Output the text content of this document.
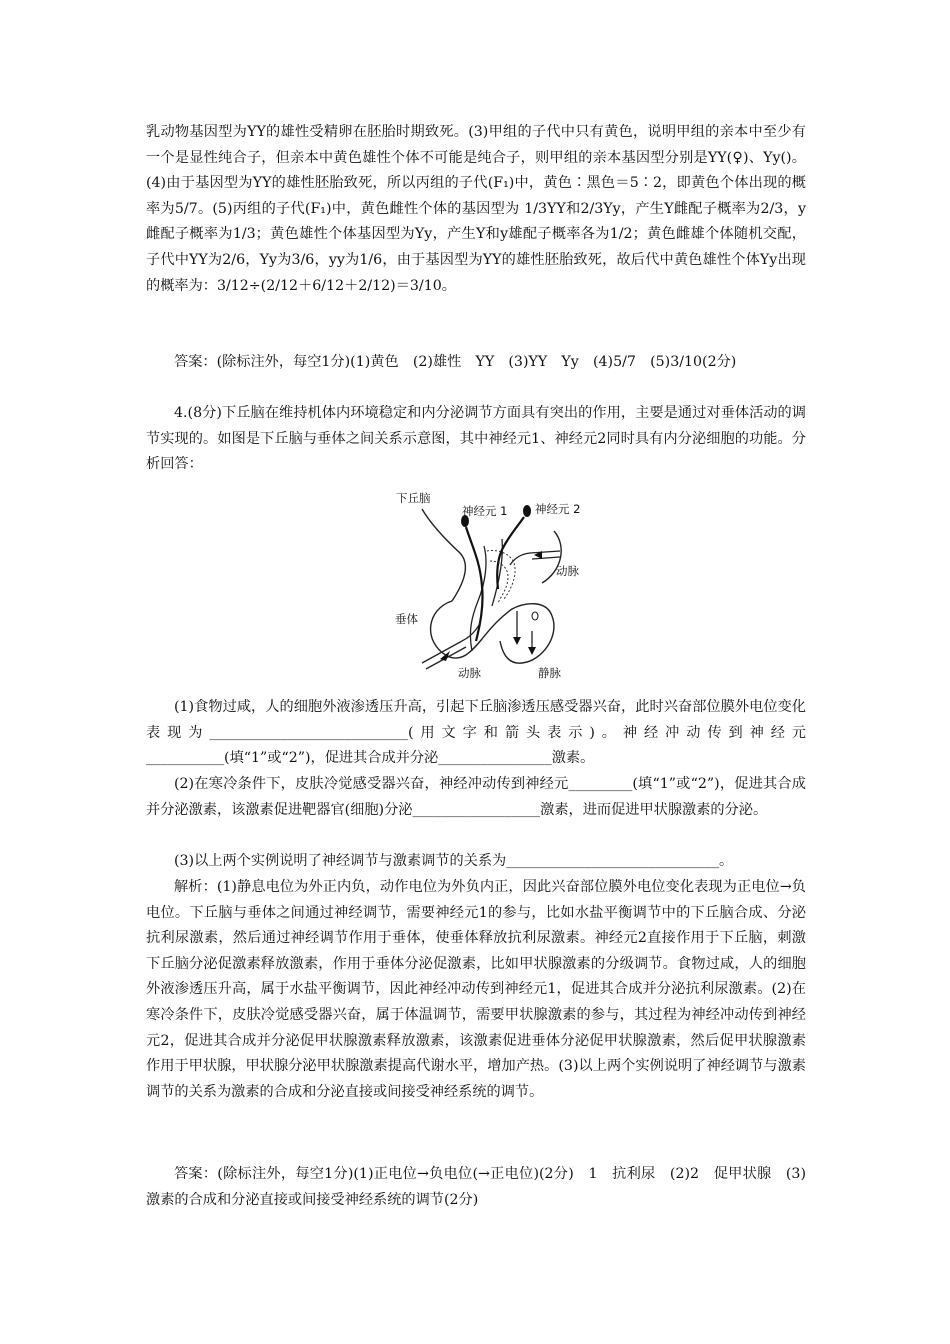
乳动物基因型为YY的雄性受精卵在胚胎时期致死。(3)甲组的子代中只有黄色，说明甲组的亲本中至少有一个是显性纯合子，但亲本中黄色雄性个体不可能是纯合子，则甲组的亲本基因型分别是YY(♀)、Yy()。(4)由于基因型为YY的雄性胚胎致死，所以丙组的子代(F₁)中，黄色∶黑色＝5∶2，即黄色个体出现的概率为5/7。(5)丙组的子代(F₁)中，黄色雌性个体的基因型为 1/3YY和2/3Yy，产生Y雌配子概率为2/3，y雌配子概率为1/3；黄色雄性个体基因型为Yy，产生Y和y雄配子概率各为1/2；黄色雌雄个体随机交配，子代中YY为2/6，Yy为3/6，yy为1/6，由于基因型为YY的雄性胚胎致死，故后代中黄色雄性个体Yy出现的概率为：3/12÷(2/12＋6/12＋2/12)＝3/10。

答案：(除标注外，每空1分)(1)黄色　(2)雄性　YY　(3)YY　Yy　(4)5/7　(5)3/10(2分)

4.(8分)下丘脑在维持机体内环境稳定和内分泌调节方面具有突出的作用，主要是通过对垂体活动的调节实现的。如图是下丘脑与垂体之间关系示意图，其中神经元1、神经元2同时具有内分泌细胞的功能。分析回答：

下丘脑
神经元 1 神经元 2
动脉
垂体
动脉	静脉

(1)食物过咸，人的细胞外液渗透压升高，引起下丘脑渗透压感受器兴奋，此时兴奋部位膜外电位变化表现为____________________________(用文字和箭头表示)。神经冲动传到神经元___________(填“1”或“2”)，促进其合成并分泌________________激素。

(2)在寒冷条件下，皮肤冷觉感受器兴奋，神经冲动传到神经元_________(填“1”或“2”)，促进其合成并分泌激素，该激素促进靶器官(细胞)分泌__________________激素，进而促进甲状腺激素的分泌。

(3)以上两个实例说明了神经调节与激素调节的关系为______________________________。

解析：(1)静息电位为外正内负，动作电位为外负内正，因此兴奋部位膜外电位变化表现为正电位→负电位。下丘脑与垂体之间通过神经调节，需要神经元1的参与，比如水盐平衡调节中的下丘脑合成、分泌抗利尿激素，然后通过神经调节作用于垂体，使垂体释放抗利尿激素。神经元2直接作用于下丘脑，刺激下丘脑分泌促激素释放激素，作用于垂体分泌促激素，比如甲状腺激素的分级调节。食物过咸，人的细胞外液渗透压升高，属于水盐平衡调节，因此神经冲动传到神经元1，促进其合成并分泌抗利尿激素。(2)在寒冷条件下，皮肤冷觉感受器兴奋，属于体温调节，需要甲状腺激素的参与，其过程为神经冲动传到神经元2，促进其合成并分泌促甲状腺激素释放激素，该激素促进垂体分泌促甲状腺激素，然后促甲状腺激素作用于甲状腺，甲状腺分泌甲状腺激素提高代谢水平，增加产热。(3)以上两个实例说明了神经调节与激素调节的关系为激素的合成和分泌直接或间接受神经系统的调节。

答案：(除标注外，每空1分)(1)正电位→负电位(→正电位)(2分)　1　抗利尿　(2)2　促甲状腺　(3)激素的合成和分泌直接或间接受神经系统的调节(2分)
